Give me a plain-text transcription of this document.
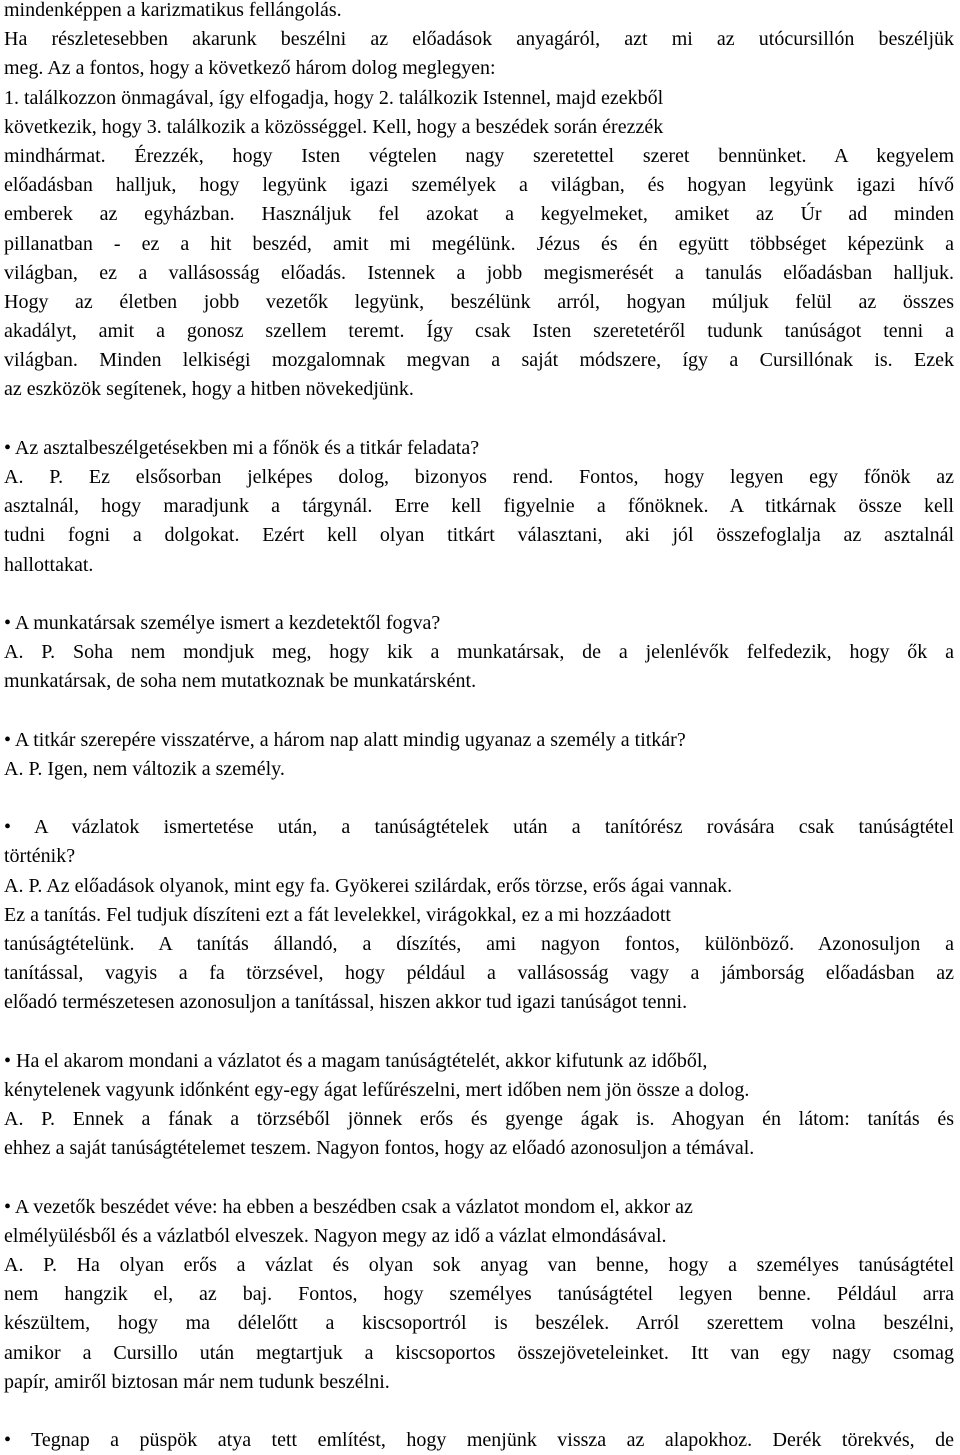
mindenképpen a karizmatikus fellángolás.
Ha részletesebben akarunk beszélni az előadások anyagáról, azt mi az utócursillón beszéljük
meg. Az a fontos, hogy a következő három dolog meglegyen:
1. találkozzon önmagával, így elfogadja, hogy 2. találkozik Istennel, majd ezekből
következik, hogy 3. találkozik a közösséggel. Kell, hogy a beszédek során érezzék
mindhármat. Érezzék, hogy Isten végtelen nagy szeretettel szeret bennünket. A kegyelem
előadásban halljuk, hogy legyünk igazi személyek a világban, és hogyan legyünk igazi hívő
emberek az egyházban. Használjuk fel azokat a kegyelmeket, amiket az Úr ad minden
pillanatban - ez a hit beszéd, amit mi megélünk. Jézus és én együtt többséget képezünk a
világban, ez a vallásosság előadás. Istennek a jobb megismerését a tanulás előadásban halljuk.
Hogy az életben jobb vezetők legyünk, beszélünk arról, hogyan múljuk felül az összes
akadályt, amit a gonosz szellem teremt. Így csak Isten szeretetéről tudunk tanúságot tenni a
világban. Minden lelkiségi mozgalomnak megvan a saját módszere, így a Cursillónak is. Ezek
az eszközök segítenek, hogy a hitben növekedjünk.
• Az asztalbeszélgetésekben mi a főnök és a titkár feladata?
A. P. Ez elsősorban jelképes dolog, bizonyos rend. Fontos, hogy legyen egy főnök az
asztalnál, hogy maradjunk a tárgynál. Erre kell figyelnie a főnöknek. A titkárnak össze kell
tudni fogni a dolgokat. Ezért kell olyan titkárt választani, aki jól összefoglalja az asztalnál
hallottakat.
• A munkatársak személye ismert a kezdetektől fogva?
A. P. Soha nem mondjuk meg, hogy kik a munkatársak, de a jelenlévők felfedezik, hogy ők a
munkatársak, de soha nem mutatkoznak be munkatársként.
• A titkár szerepére visszatérve, a három nap alatt mindig ugyanaz a személy a titkár?
A. P. Igen, nem változik a személy.
• A vázlatok ismertetése után, a tanúságtételek után a tanítórész rovására csak tanúságtétel
történik?
A. P. Az előadások olyanok, mint egy fa. Gyökerei szilárdak, erős törzse, erős ágai vannak.
Ez a tanítás. Fel tudjuk díszíteni ezt a fát levelekkel, virágokkal, ez a mi hozzáadott
tanúságtételünk. A tanítás állandó, a díszítés, ami nagyon fontos, különböző. Azonosuljon a
tanítással, vagyis a fa törzsével, hogy például a vallásosság vagy a jámborság előadásban az
előadó természetesen azonosuljon a tanítással, hiszen akkor tud igazi tanúságot tenni.
• Ha el akarom mondani a vázlatot és a magam tanúságtételét, akkor kifutunk az időből,
kénytelenek vagyunk időnként egy-egy ágat lefűrészelni, mert időben nem jön össze a dolog.
A. P. Ennek a fának a törzséből jönnek erős és gyenge ágak is. Ahogyan én látom: tanítás és
ehhez a saját tanúságtételemet teszem. Nagyon fontos, hogy az előadó azonosuljon a témával.
• A vezetők beszédet véve: ha ebben a beszédben csak a vázlatot mondom el, akkor az
elmélyülésből és a vázlatból elveszek. Nagyon megy az idő a vázlat elmondásával.
A. P. Ha olyan erős a vázlat és olyan sok anyag van benne, hogy a személyes tanúságtétel
nem hangzik el, az baj. Fontos, hogy személyes tanúságtétel legyen benne. Például arra
készültem, hogy ma délelőtt a kiscsoportról is beszélek. Arról szerettem volna beszélni,
amikor a Cursillo után megtartjuk a kiscsoportos összejöveteleinket. Itt van egy nagy csomag
papír, amiről biztosan már nem tudunk beszélni.
• Tegnap a püspök atya tett említést, hogy menjünk vissza az alapokhoz. Derék törekvés, de
